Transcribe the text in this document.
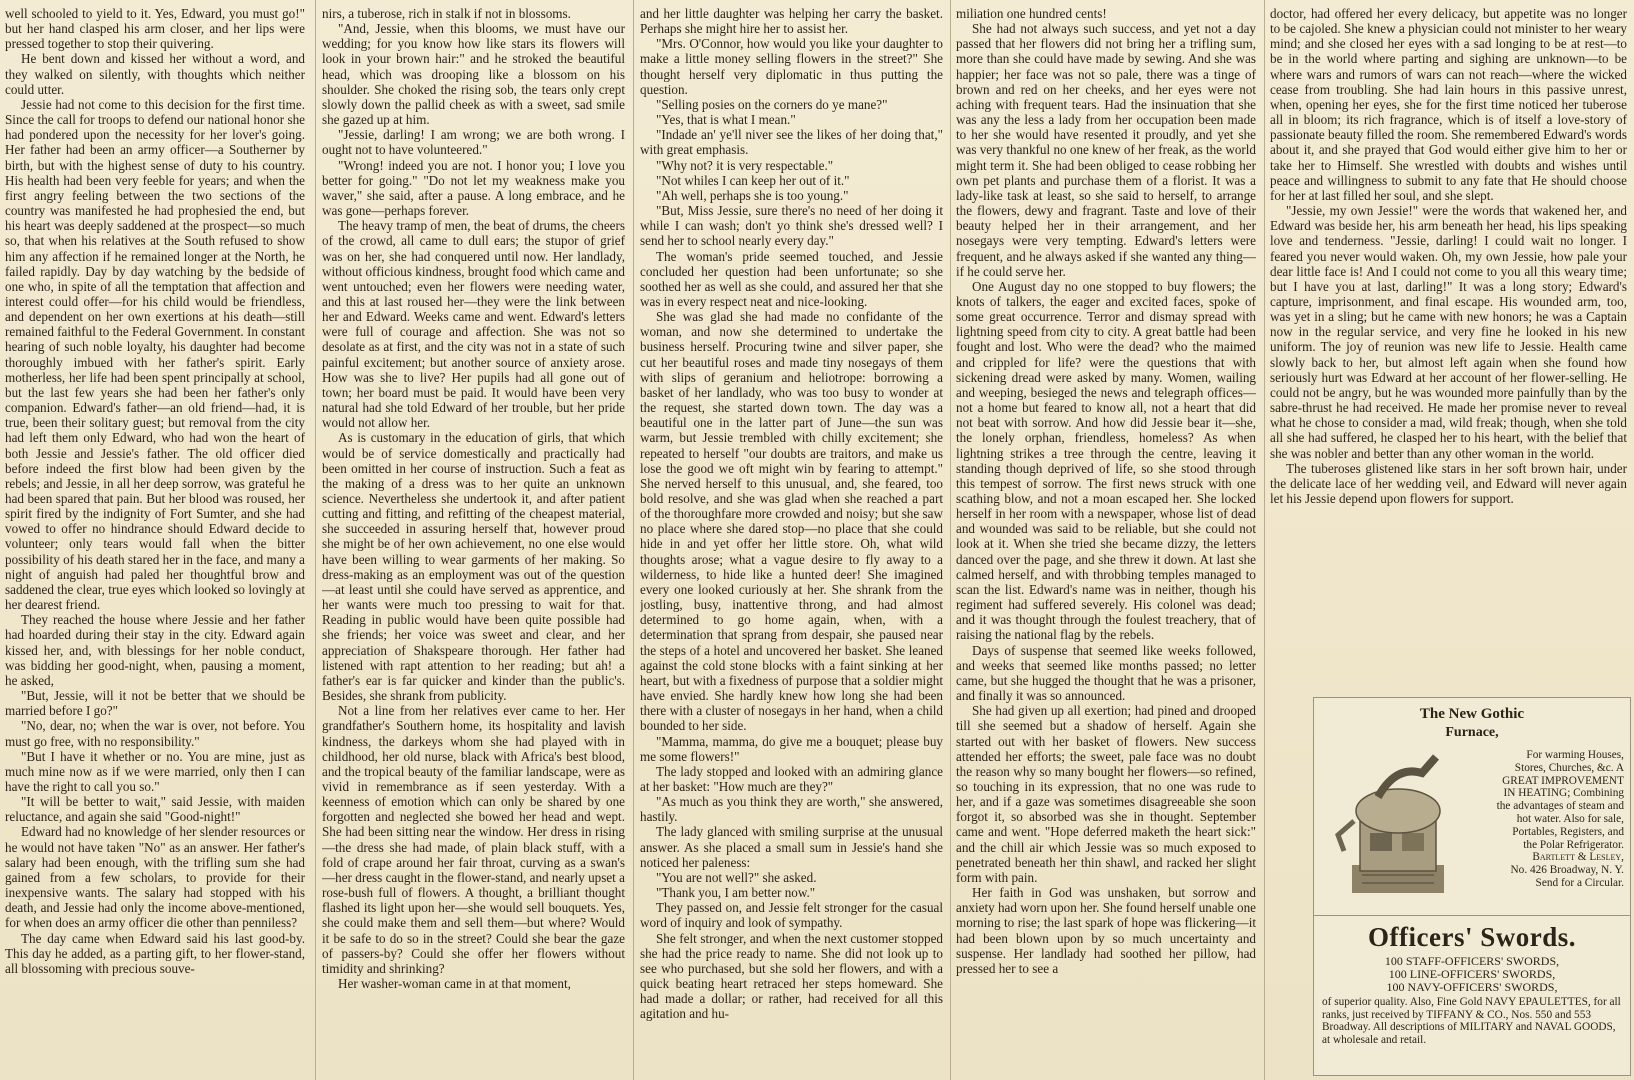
well schooled to yield to it. Yes, Edward, you must go!" but her hand clasped his arm closer, and her lips were pressed together to stop their quivering.

He bent down and kissed her without a word, and they walked on silently, with thoughts which neither could utter.

Jessie had not come to this decision for the first time. Since the call for troops to defend our national honor she had pondered upon the necessity for her lover's going. Her father had been an army officer—a Southerner by birth, but with the highest sense of duty to his country. His health had been very feeble for years; and when the first angry feeling between the two sections of the country was manifested he had prophesied the end, but his heart was deeply saddened at the prospect—so much so, that when his relatives at the South refused to show him any affection if he remained longer at the North, he failed rapidly. Day by day watching by the bedside of one who, in spite of all the temptation that affection and interest could offer—for his child would be friendless, and dependent on her own exertions at his death—still remained faithful to the Federal Government. In constant hearing of such noble loyalty, his daughter had become thoroughly imbued with her father's spirit. Early motherless, her life had been spent principally at school, but the last few years she had been her father's only companion. Edward's father—an old friend—had, it is true, been their solitary guest; but removal from the city had left them only Edward, who had won the heart of both Jessie and Jessie's father. The old officer died before indeed the first blow had been given by the rebels; and Jessie, in all her deep sorrow, was grateful he had been spared that pain. But her blood was roused, her spirit fired by the indignity of Fort Sumter, and she had vowed to offer no hindrance should Edward decide to volunteer; only tears would fall when the bitter possibility of his death stared her in the face, and many a night of anguish had paled her thoughtful brow and saddened the clear, true eyes which looked so lovingly at her dearest friend.

They reached the house where Jessie and her father had hoarded during their stay in the city. Edward again kissed her, and, with blessings for her noble conduct, was bidding her good-night, when, pausing a moment, he asked,

"But, Jessie, will it not be better that we should be married before I go?"

"No, dear, no; when the war is over, not before. You must go free, with no responsibility."

"But I have it whether or no. You are mine, just as much mine now as if we were married, only then I can have the right to call you so."

"It will be better to wait," said Jessie, with maiden reluctance, and again she said "Good-night!"

Edward had no knowledge of her slender resources or he would not have taken "No" as an answer. Her father's salary had been enough, with the trifling sum she had gained from a few scholars, to provide for their inexpensive wants. The salary had stopped with his death, and Jessie had only the income above-mentioned, for when does an army officer die other than penniless?

The day came when Edward said his last good-by. This day he added, as a parting gift, to her flower-stand, all blossoming with precious souve-

nirs, a tuberose, rich in stalk if not in blossoms.

"And, Jessie, when this blooms, we must have our wedding; for you know how like stars its flowers will look in your brown hair:" and he stroked the beautiful head, which was drooping like a blossom on his shoulder. She choked the rising sob, the tears only crept slowly down the pallid cheek as with a sweet, sad smile she gazed up at him.

"Jessie, darling! I am wrong; we are both wrong. I ought not to have volunteered."

"Wrong! indeed you are not. I honor you; I love you better for going." "Do not let my weakness make you waver," she said, after a pause. A long embrace, and he was gone—perhaps forever.

The heavy tramp of men, the beat of drums, the cheers of the crowd, all came to dull ears; the stupor of grief was on her, she had conquered until now. Her landlady, without officious kindness, brought food which came and went untouched; even her flowers were needing water, and this at last roused her—they were the link between her and Edward. Weeks came and went. Edward's letters were full of courage and affection. She was not so desolate as at first, and the city was not in a state of such painful excitement; but another source of anxiety arose. How was she to live? Her pupils had all gone out of town; her board must be paid. It would have been very natural had she told Edward of her trouble, but her pride would not allow her.

As is customary in the education of girls, that which would be of service domestically and practically had been omitted in her course of instruction. Such a feat as the making of a dress was to her quite an unknown science. Nevertheless she undertook it, and after patient cutting and fitting, and refitting of the cheapest material, she succeeded in assuring herself that, however proud she might be of her own achievement, no one else would have been willing to wear garments of her making. So dress-making as an employment was out of the question—at least until she could have served as apprentice, and her wants were much too pressing to wait for that. Reading in public would have been quite possible had she friends; her voice was sweet and clear, and her appreciation of Shakspeare thorough. Her father had listened with rapt attention to her reading; but ah! a father's ear is far quicker and kinder than the public's. Besides, she shrank from publicity.

Not a line from her relatives ever came to her. Her grandfather's Southern home, its hospitality and lavish kindness, the darkeys whom she had played with in childhood, her old nurse, black with Africa's best blood, and the tropical beauty of the familiar landscape, were as vivid in remembrance as if seen yesterday. With a keenness of emotion which can only be shared by one forgotten and neglected she bowed her head and wept. She had been sitting near the window. Her dress in rising—the dress she had made, of plain black stuff, with a fold of crape around her fair throat, curving as a swan's—her dress caught in the flower-stand, and nearly upset a rose-bush full of flowers. A thought, a brilliant thought flashed its light upon her—she would sell bouquets. Yes, she could make them and sell them—but where? Would it be safe to do so in the street? Could she bear the gaze of passers-by? Could she offer her flowers without timidity and shrinking?

Her washer-woman came in at that moment,

and her little daughter was helping her carry the basket. Perhaps she might hire her to assist her.

"Mrs. O'Connor, how would you like your daughter to make a little money selling flowers in the street?" She thought herself very diplomatic in thus putting the question.

"Selling posies on the corners do ye mane?"

"Yes, that is what I mean."

"Indade an' ye'll niver see the likes of her doing that," with great emphasis.

"Why not? it is very respectable."

"Not whiles I can keep her out of it."

"Ah well, perhaps she is too young."

"But, Miss Jessie, sure there's no need of her doing it while I can wash; don't yo think she's dressed well? I send her to school nearly every day."

The woman's pride seemed touched, and Jessie concluded her question had been unfortunate; so she soothed her as well as she could, and assured her that she was in every respect neat and nice-looking.

She was glad she had made no confidante of the woman, and now she determined to undertake the business herself. Procuring twine and silver paper, she cut her beautiful roses and made tiny nosegays of them with slips of geranium and heliotrope: borrowing a basket of her landlady, who was too busy to wonder at the request, she started down town. The day was a beautiful one in the latter part of June—the sun was warm, but Jessie trembled with chilly excitement; she repeated to herself "our doubts are traitors, and make us lose the good we oft might win by fearing to attempt." She nerved herself to this unusual, and, she feared, too bold resolve, and she was glad when she reached a part of the thoroughfare more crowded and noisy; but she saw no place where she dared stop—no place that she could hide in and yet offer her little store. Oh, what wild thoughts arose; what a vague desire to fly away to a wilderness, to hide like a hunted deer! She imagined every one looked curiously at her. She shrank from the jostling, busy, inattentive throng, and had almost determined to go home again, when, with a determination that sprang from despair, she paused near the steps of a hotel and uncovered her basket. She leaned against the cold stone blocks with a faint sinking at her heart, but with a fixedness of purpose that a soldier might have envied. She hardly knew how long she had been there with a cluster of nosegays in her hand, when a child bounded to her side.

"Mamma, mamma, do give me a bouquet; please buy me some flowers!"

The lady stopped and looked with an admiring glance at her basket: "How much are they?"

"As much as you think they are worth," she answered, hastily.

The lady glanced with smiling surprise at the unusual answer. As she placed a small sum in Jessie's hand she noticed her paleness:

"You are not well?" she asked.

"Thank you, I am better now."

They passed on, and Jessie felt stronger for the casual word of inquiry and look of sympathy.

She felt stronger, and when the next customer stopped she had the price ready to name. She did not look up to see who purchased, but she sold her flowers, and with a quick beating heart retraced her steps homeward. She had made a dollar; or rather, had received for all this agitation and hu-

miliation one hundred cents!

She had not always such success, and yet not a day passed that her flowers did not bring her a trifling sum, more than she could have made by sewing. And she was happier; her face was not so pale, there was a tinge of brown and red on her cheeks, and her eyes were not aching with frequent tears. Had the insinuation that she was any the less a lady from her occupation been made to her she would have resented it proudly, and yet she was very thankful no one knew of her freak, as the world might term it. She had been obliged to cease robbing her own pet plants and purchase them of a florist. It was a lady-like task at least, so she said to herself, to arrange the flowers, dewy and fragrant. Taste and love of their beauty helped her in their arrangement, and her nosegays were very tempting. Edward's letters were frequent, and he always asked if she wanted any thing—if he could serve her.

One August day no one stopped to buy flowers; the knots of talkers, the eager and excited faces, spoke of some great occurrence. Terror and dismay spread with lightning speed from city to city. A great battle had been fought and lost. Who were the dead? who the maimed and crippled for life? were the questions that with sickening dread were asked by many. Women, wailing and weeping, besieged the news and telegraph offices—not a home but feared to know all, not a heart that did not beat with sorrow. And how did Jessie bear it—she, the lonely orphan, friendless, homeless? As when lightning strikes a tree through the centre, leaving it standing though deprived of life, so she stood through this tempest of sorrow. The first news struck with one scathing blow, and not a moan escaped her. She locked herself in her room with a newspaper, whose list of dead and wounded was said to be reliable, but she could not look at it. When she tried she became dizzy, the letters danced over the page, and she threw it down. At last she calmed herself, and with throbbing temples managed to scan the list. Edward's name was in neither, though his regiment had suffered severely. His colonel was dead; and it was thought through the foulest treachery, that of raising the national flag by the rebels.

Days of suspense that seemed like weeks followed, and weeks that seemed like months passed; no letter came, but she hugged the thought that he was a prisoner, and finally it was so announced.

She had given up all exertion; had pined and drooped till she seemed but a shadow of herself. Again she started out with her basket of flowers. New success attended her efforts; the sweet, pale face was no doubt the reason why so many bought her flowers—so refined, so touching in its expression, that no one was rude to her, and if a gaze was sometimes disagreeable she soon forgot it, so absorbed was she in thought. September came and went. "Hope deferred maketh the heart sick:" and the chill air which Jessie was so much exposed to penetrated beneath her thin shawl, and racked her slight form with pain.

Her faith in God was unshaken, but sorrow and anxiety had worn upon her. She found herself unable one morning to rise; the last spark of hope was flickering—it had been blown upon by so much uncertainty and suspense. Her landlady had soothed her pillow, had pressed her to see a

doctor, had offered her every delicacy, but appetite was no longer to be cajoled. She knew a physician could not minister to her weary mind; and she closed her eyes with a sad longing to be at rest—to be in the world where parting and sighing are unknown—to be where wars and rumors of wars can not reach—where the wicked cease from troubling. She had lain hours in this passive unrest, when, opening her eyes, she for the first time noticed her tuberose all in bloom; its rich fragrance, which is of itself a love-story of passionate beauty filled the room. She remembered Edward's words about it, and she prayed that God would either give him to her or take her to Himself. She wrestled with doubts and wishes until peace and willingness to submit to any fate that He should choose for her at last filled her soul, and she slept.

"Jessie, my own Jessie!" were the words that wakened her, and Edward was beside her, his arm beneath her head, his lips speaking love and tenderness. "Jessie, darling! I could wait no longer. I feared you never would waken. Oh, my own Jessie, how pale your dear little face is! And I could not come to you all this weary time; but I have you at last, darling!" It was a long story; Edward's capture, imprisonment, and final escape. His wounded arm, too, was yet in a sling; but he came with new honors; he was a Captain now in the regular service, and very fine he looked in his new uniform. The joy of reunion was new life to Jessie. Health came slowly back to her, but almost left again when she found how seriously hurt was Edward at her account of her flower-selling. He could not be angry, but he was wounded more painfully than by the sabre-thrust he had received. He made her promise never to reveal what he chose to consider a mad, wild freak; though, when she told all she had suffered, he clasped her to his heart, with the belief that she was nobler and better than any other woman in the world.

The tuberoses glistened like stars in her soft brown hair, under the delicate lace of her wedding veil, and Edward will never again let his Jessie depend upon flowers for support.

The New Gothic
Furnace,
For warming Houses,
Stores, Churches, &c. A
GREAT IMPROVEMENT
IN HEATING; Combining
the advantages of steam and
hot water. Also for sale,
Portables, Registers, and
the Polar Refrigerator.
Bartlett & Lesley,
No. 426 Broadway, N. Y.
Send for a Circular.
Officers' Swords.
100 STAFF-OFFICERS' SWORDS,
100 LINE-OFFICERS' SWORDS,
100 NAVY-OFFICERS' SWORDS,
of superior quality. Also, Fine Gold NAVY EPAULETTES, for all ranks, just received by TIFFANY & CO., Nos. 550 and 553 Broadway. All descriptions of MILITARY and NAVAL GOODS, at wholesale and retail.
